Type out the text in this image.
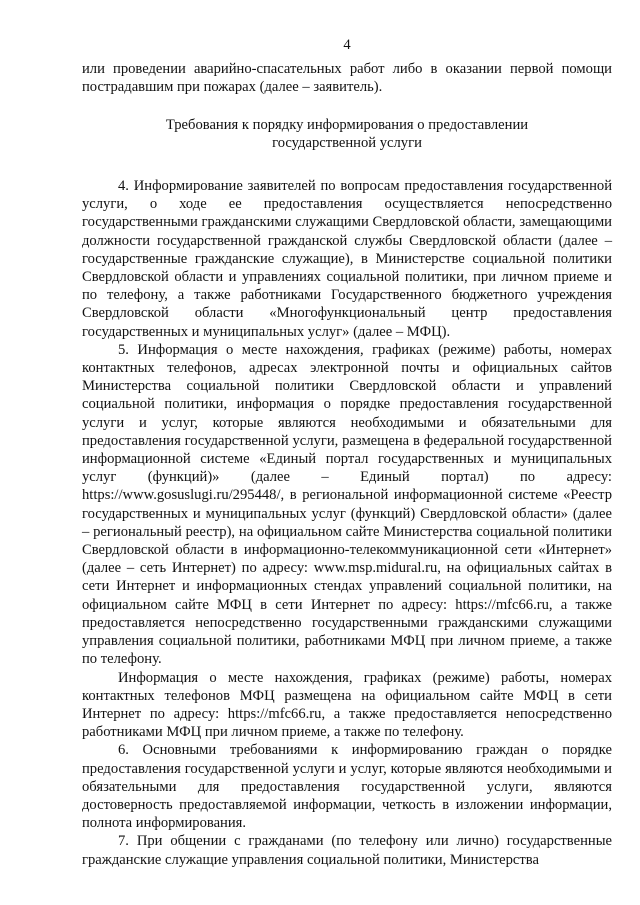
4

или проведении аварийно-спасательных работ либо в оказании первой помощи пострадавшим при пожарах (далее – заявитель).

Требования к порядку информирования о предоставлении
государственной услуги

4. Информирование заявителей по вопросам предоставления государственной услуги, о ходе ее предоставления осуществляется непосредственно государственными гражданскими служащими Свердловской области, замещающими должности государственной гражданской службы Свердловской области (далее – государственные гражданские служащие), в Министерстве социальной политики Свердловской области и управлениях социальной политики, при личном приеме и по телефону, а также работниками Государственного бюджетного учреждения Свердловской области «Многофункциональный центр предоставления государственных и муниципальных услуг» (далее – МФЦ).

5. Информация о месте нахождения, графиках (режиме) работы, номерах контактных телефонов, адресах электронной почты и официальных сайтов Министерства социальной политики Свердловской области и управлений социальной политики, информация о порядке предоставления государственной услуги и услуг, которые являются необходимыми и обязательными для предоставления государственной услуги, размещена в федеральной государственной информационной системе «Единый портал государственных и муниципальных услуг (функций)» (далее – Единый портал) по адресу: https://www.gosuslugi.ru/295448/, в региональной информационной системе «Реестр государственных и муниципальных услуг (функций) Свердловской области» (далее – региональный реестр), на официальном сайте Министерства социальной политики Свердловской области в информационно-телекоммуникационной сети «Интернет» (далее – сеть Интернет) по адресу: www.msp.midural.ru, на официальных сайтах в сети Интернет и информационных стендах управлений социальной политики, на официальном сайте МФЦ в сети Интернет по адресу: https://mfc66.ru, а также предоставляется непосредственно государственными гражданскими служащими управления социальной политики, работниками МФЦ при личном приеме, а также по телефону.

Информация о месте нахождения, графиках (режиме) работы, номерах контактных телефонов МФЦ размещена на официальном сайте МФЦ в сети Интернет по адресу: https://mfc66.ru, а также предоставляется непосредственно работниками МФЦ при личном приеме, а также по телефону.

6. Основными требованиями к информированию граждан о порядке предоставления государственной услуги и услуг, которые являются необходимыми и обязательными для предоставления государственной услуги, являются достоверность предоставляемой информации, четкость в изложении информации, полнота информирования.

7. При общении с гражданами (по телефону или лично) государственные гражданские служащие управления социальной политики, Министерства
